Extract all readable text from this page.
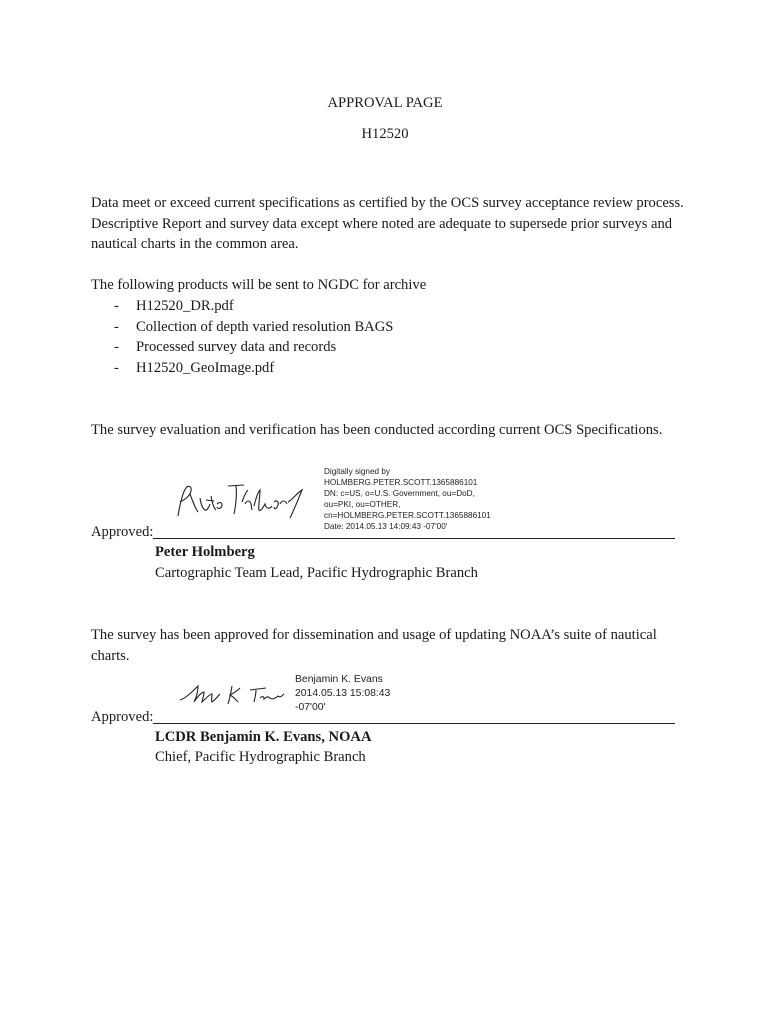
APPROVAL PAGE
H12520
Data meet or exceed current specifications as certified by the OCS survey acceptance review process. Descriptive Report and survey data except where noted are adequate to supersede prior surveys and nautical charts in the common area.
The following products will be sent to NGDC for archive
- H12520_DR.pdf
- Collection of depth varied resolution BAGS
- Processed survey data and records
- H12520_GeoImage.pdf
The survey evaluation and verification has been conducted according current OCS Specifications.
Digitally signed by
HOLMBERG.PETER.SCOTT.1365886101
DN: c=US, o=U.S. Government, ou=DoD,
ou=PKI, ou=OTHER,
cn=HOLMBERG.PETER.SCOTT.1365886101
Date: 2014.05.13 14:09:43 -07'00'
Approved:
Peter Holmberg
Cartographic Team Lead, Pacific Hydrographic Branch
The survey has been approved for dissemination and usage of updating NOAA’s suite of nautical charts.
Benjamin K. Evans
2014.05.13 15:08:43
-07'00'
Approved:
LCDR Benjamin K. Evans, NOAA
Chief, Pacific Hydrographic Branch
